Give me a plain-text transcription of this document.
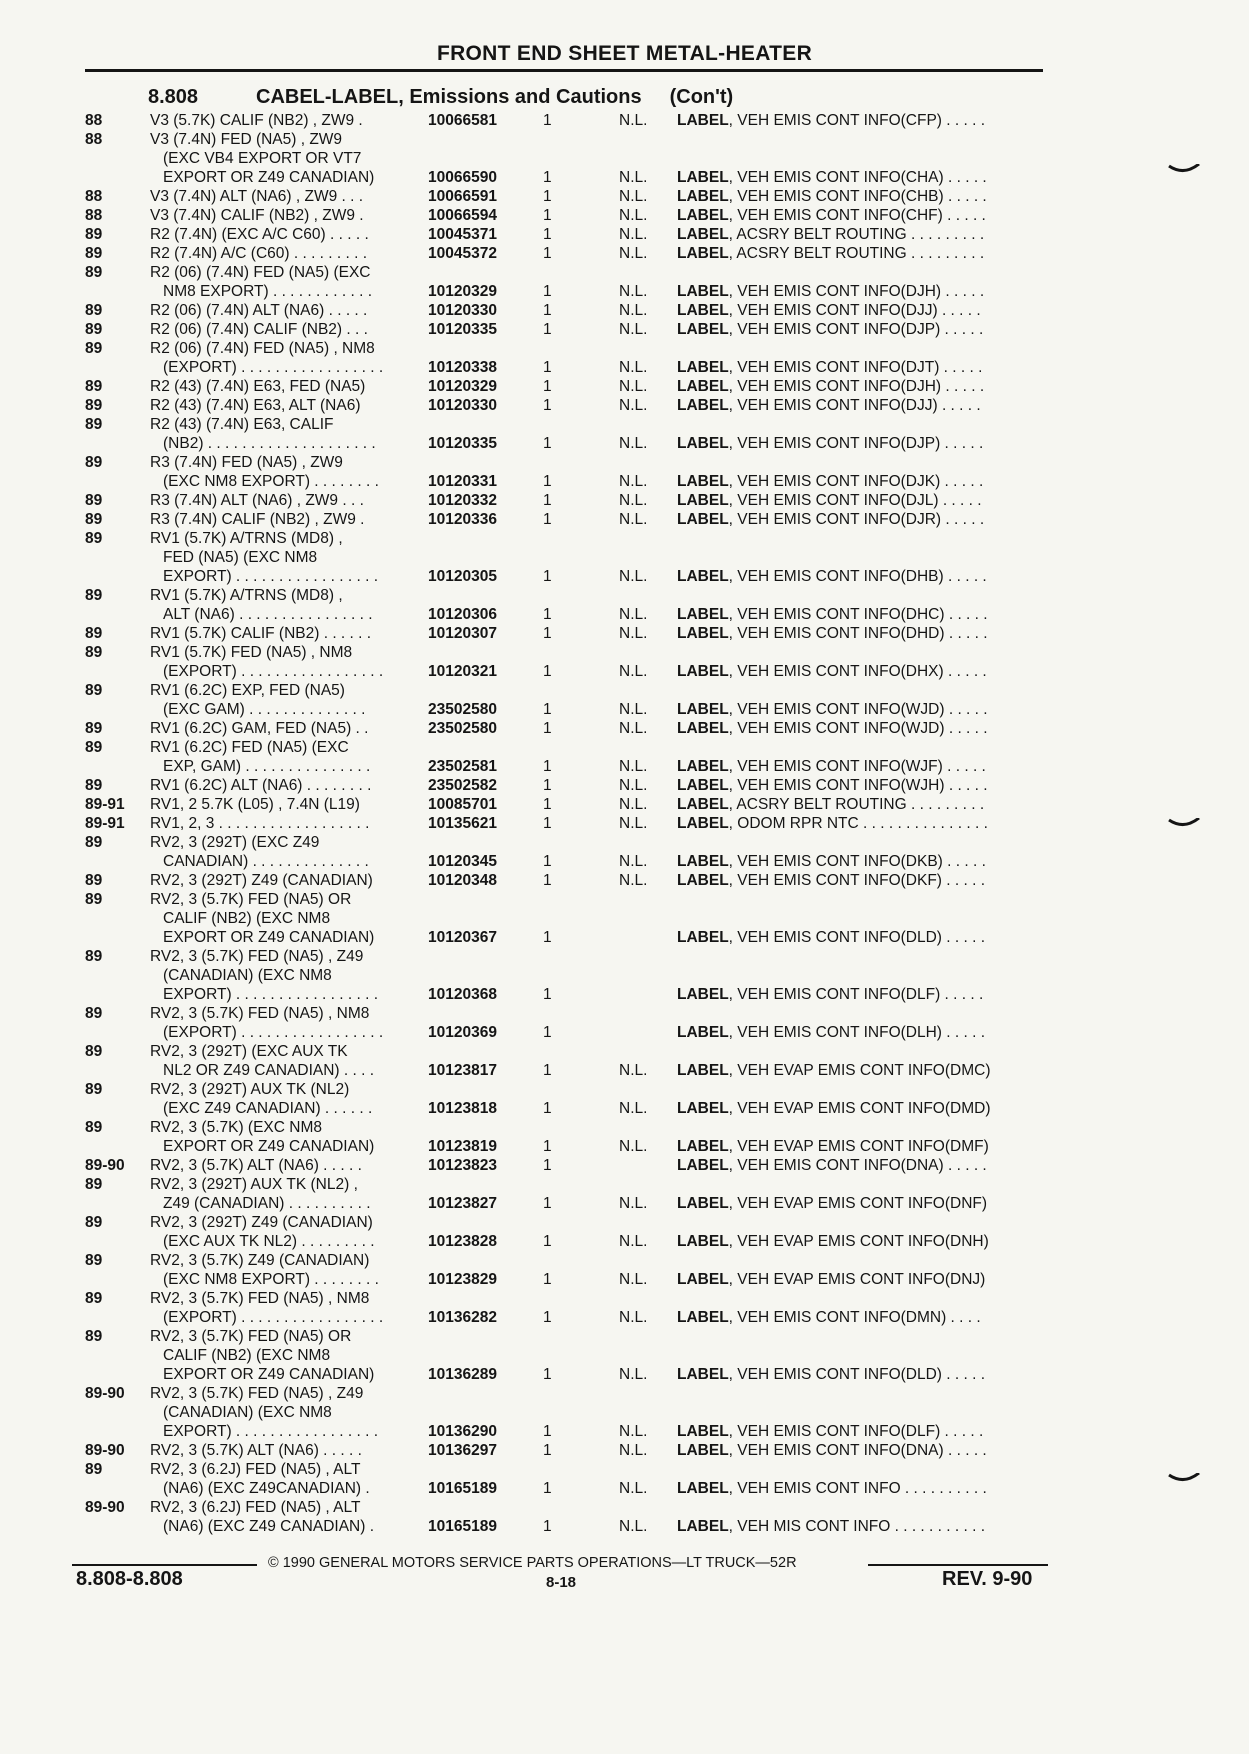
FRONT END SHEET METAL-HEATER
8.808	CABEL-LABEL, Emissions and Cautions (Con't)
88	V3 (5.7K) CALIF (NB2) , ZW9 .	10066581	1	N.L. LABEL, VEH EMIS CONT INFO(CFP) . . . . .
88	V3 (7.4N) FED (NA5) , ZW9
(EXC VB4 EXPORT OR VT7
EXPORT OR Z49 CANADIAN)	10066590	1	N.L. LABEL, VEH EMIS CONT INFO(CHA) . . . . .
88	V3 (7.4N) ALT (NA6) , ZW9 . . .	10066591	1	N.L. LABEL, VEH EMIS CONT INFO(CHB) . . . . .
88	V3 (7.4N) CALIF (NB2) , ZW9 .	10066594	1	N.L. LABEL, VEH EMIS CONT INFO(CHF) . . . . .
89	R2 (7.4N) (EXC A/C C60) . . . . .	10045371	1	N.L. LABEL, ACSRY BELT ROUTING . . . . . . . . .
89	R2 (7.4N) A/C (C60) . . . . . . . . .	10045372	1	N.L. LABEL, ACSRY BELT ROUTING . . . . . . . . .
89	R2 (06) (7.4N) FED (NA5) (EXC
NM8 EXPORT) . . . . . . . . . . . .	10120329	1	N.L. LABEL, VEH EMIS CONT INFO(DJH) . . . . .
89	R2 (06) (7.4N) ALT (NA6) . . . . .	10120330	1	N.L. LABEL, VEH EMIS CONT INFO(DJJ) . . . . .
89	R2 (06) (7.4N) CALIF (NB2) . . .	10120335	1	N.L. LABEL, VEH EMIS CONT INFO(DJP) . . . . .
89	R2 (06) (7.4N) FED (NA5) , NM8
(EXPORT) . . . . . . . . . . . . . . . . .	10120338	1	N.L. LABEL, VEH EMIS CONT INFO(DJT) . . . . .
89	R2 (43) (7.4N) E63, FED (NA5)	10120329	1	N.L. LABEL, VEH EMIS CONT INFO(DJH) . . . . .
89	R2 (43) (7.4N) E63, ALT (NA6)	10120330	1	N.L. LABEL, VEH EMIS CONT INFO(DJJ) . . . . .
89	R2 (43) (7.4N) E63, CALIF
(NB2) . . . . . . . . . . . . . . . . . . . .	10120335	1	N.L. LABEL, VEH EMIS CONT INFO(DJP) . . . . .
89	R3 (7.4N) FED (NA5) , ZW9
(EXC NM8 EXPORT) . . . . . . . .	10120331	1	N.L. LABEL, VEH EMIS CONT INFO(DJK) . . . . .
89	R3 (7.4N) ALT (NA6) , ZW9 . . .	10120332	1	N.L. LABEL, VEH EMIS CONT INFO(DJL) . . . . .
89	R3 (7.4N) CALIF (NB2) , ZW9 .	10120336	1	N.L. LABEL, VEH EMIS CONT INFO(DJR) . . . . .
89	RV1 (5.7K) A/TRNS (MD8) ,
FED (NA5) (EXC NM8
EXPORT) . . . . . . . . . . . . . . . . .	10120305	1	N.L. LABEL, VEH EMIS CONT INFO(DHB) . . . . .
89	RV1 (5.7K) A/TRNS (MD8) ,
ALT (NA6) . . . . . . . . . . . . . . . .	10120306	1	N.L. LABEL, VEH EMIS CONT INFO(DHC) . . . . .
89	RV1 (5.7K) CALIF (NB2) . . . . . .	10120307	1	N.L. LABEL, VEH EMIS CONT INFO(DHD) . . . . .
89	RV1 (5.7K) FED (NA5) , NM8
(EXPORT) . . . . . . . . . . . . . . . . .	10120321	1	N.L. LABEL, VEH EMIS CONT INFO(DHX) . . . . .
89	RV1 (6.2C) EXP, FED (NA5)
(EXC GAM) . . . . . . . . . . . . . .	23502580	1	N.L. LABEL, VEH EMIS CONT INFO(WJD) . . . . .
89	RV1 (6.2C) GAM, FED (NA5) . .	23502580	1	N.L. LABEL, VEH EMIS CONT INFO(WJD) . . . . .
89	RV1 (6.2C) FED (NA5) (EXC
EXP, GAM) . . . . . . . . . . . . . . .	23502581	1	N.L. LABEL, VEH EMIS CONT INFO(WJF) . . . . .
89	RV1 (6.2C) ALT (NA6) . . . . . . . .	23502582	1	N.L. LABEL, VEH EMIS CONT INFO(WJH) . . . . .
89-91 RV1, 2 5.7K (L05) , 7.4N (L19)	10085701	1	N.L. LABEL, ACSRY BELT ROUTING . . . . . . . . .
89-91 RV1, 2, 3 . . . . . . . . . . . . . . . . . .	10135621	1	N.L. LABEL, ODOM RPR NTC . . . . . . . . . . . . . . .
89	RV2, 3 (292T) (EXC Z49
CANADIAN) . . . . . . . . . . . . . .	10120345	1	N.L. LABEL, VEH EMIS CONT INFO(DKB) . . . . .
89	RV2, 3 (292T) Z49 (CANADIAN)	10120348	1	N.L. LABEL, VEH EMIS CONT INFO(DKF) . . . . .
89	RV2, 3 (5.7K) FED (NA5) OR
CALIF (NB2) (EXC NM8
EXPORT OR Z49 CANADIAN)	10120367	1	LABEL, VEH EMIS CONT INFO(DLD) . . . . .
89	RV2, 3 (5.7K) FED (NA5) , Z49
(CANADIAN) (EXC NM8
EXPORT) . . . . . . . . . . . . . . . . .	10120368	1	LABEL, VEH EMIS CONT INFO(DLF) . . . . .
89	RV2, 3 (5.7K) FED (NA5) , NM8
(EXPORT) . . . . . . . . . . . . . . . . .	10120369	1	LABEL, VEH EMIS CONT INFO(DLH) . . . . .
89	RV2, 3 (292T) (EXC AUX TK
NL2 OR Z49 CANADIAN) . . . .	10123817	1	N.L. LABEL, VEH EVAP EMIS CONT INFO(DMC)
89	RV2, 3 (292T) AUX TK (NL2)
(EXC Z49 CANADIAN) . . . . . .	10123818	1	N.L. LABEL, VEH EVAP EMIS CONT INFO(DMD)
89	RV2, 3 (5.7K) (EXC NM8
EXPORT OR Z49 CANADIAN)	10123819	1	N.L. LABEL, VEH EVAP EMIS CONT INFO(DMF)
89-90 RV2, 3 (5.7K) ALT (NA6) . . . . .	10123823	1	LABEL, VEH EMIS CONT INFO(DNA) . . . . .
89	RV2, 3 (292T) AUX TK (NL2) ,
Z49 (CANADIAN) . . . . . . . . . .	10123827	1	N.L. LABEL, VEH EVAP EMIS CONT INFO(DNF)
89	RV2, 3 (292T) Z49 (CANADIAN)
(EXC AUX TK NL2) . . . . . . . . .	10123828	1	N.L. LABEL, VEH EVAP EMIS CONT INFO(DNH)
89	RV2, 3 (5.7K) Z49 (CANADIAN)
(EXC NM8 EXPORT) . . . . . . . .	10123829	1	N.L. LABEL, VEH EVAP EMIS CONT INFO(DNJ)
89	RV2, 3 (5.7K) FED (NA5) , NM8
(EXPORT) . . . . . . . . . . . . . . . . .	10136282	1	N.L. LABEL, VEH EMIS CONT INFO(DMN) . . . .
89	RV2, 3 (5.7K) FED (NA5) OR
CALIF (NB2) (EXC NM8
EXPORT OR Z49 CANADIAN)	10136289	1	N.L. LABEL, VEH EMIS CONT INFO(DLD) . . . . .
89-90 RV2, 3 (5.7K) FED (NA5) , Z49
(CANADIAN) (EXC NM8
EXPORT) . . . . . . . . . . . . . . . . .	10136290	1	N.L. LABEL, VEH EMIS CONT INFO(DLF) . . . . .
89-90 RV2, 3 (5.7K) ALT (NA6) . . . . .	10136297	1	N.L. LABEL, VEH EMIS CONT INFO(DNA) . . . . .
89	RV2, 3 (6.2J) FED (NA5) , ALT
(NA6) (EXC Z49CANADIAN) .	10165189	1	N.L. LABEL, VEH EMIS CONT INFO . . . . . . . . . .
89-90 RV2, 3 (6.2J) FED (NA5) , ALT
(NA6) (EXC Z49 CANADIAN) .	10165189	1	N.L. LABEL, VEH MIS CONT INFO . . . . . . . . . . .
© 1990 GENERAL MOTORS SERVICE PARTS OPERATIONS—LT TRUCK—52R
8.808-8.808	8-18	REV. 9-90
